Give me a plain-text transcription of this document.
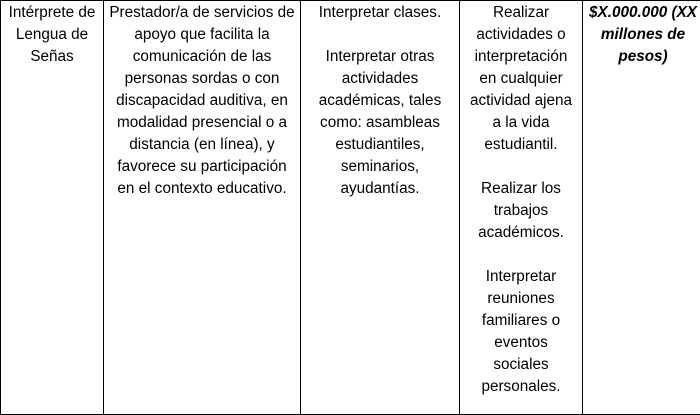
Intérprete de Lengua de Señas

Prestador/a de servicios de apoyo que facilita la comunicación de las personas sordas o con discapacidad auditiva, en modalidad presencial o a distancia (en línea), y favorece su participación en el contexto educativo.

Interpretar clases.
Interpretar otras actividades académicas, tales como: asambleas estudiantiles, seminarios, ayudantías.

Realizar actividades o interpretación en cualquier actividad ajena a la vida estudiantil.
Realizar los trabajos académicos.
Interpretar reuniones familiares o eventos sociales personales.

$X.000.000 (XX millones de pesos)
